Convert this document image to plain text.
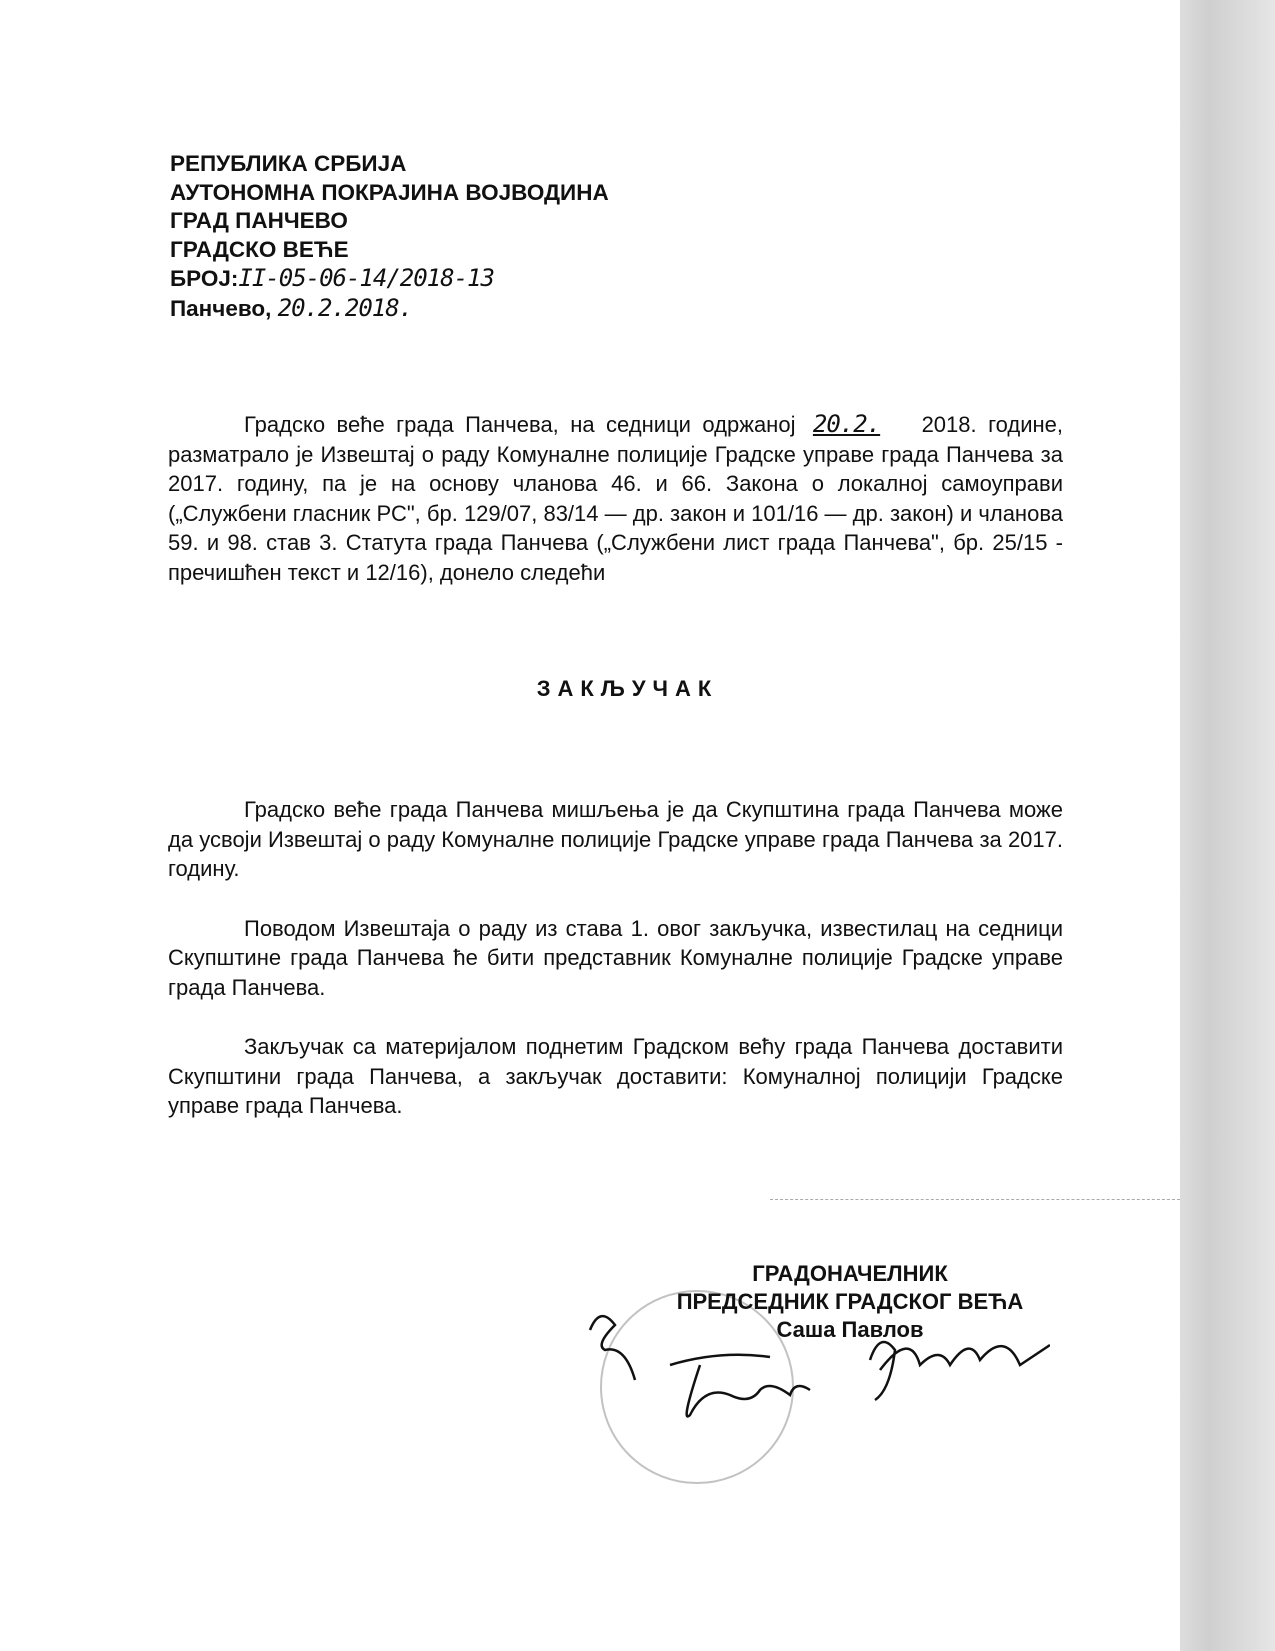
РЕПУБЛИКА СРБИЈА
АУТОНОМНА ПОКРАЈИНА ВОЈВОДИНА
ГРАД ПАНЧЕВО
ГРАДСКО ВЕЋЕ
БРОЈ:II-05-06-14/2018-13
Панчево, 20.2.2018.

Градско веће града Панчева, на седници одржаној 20.2. 2018. године, разматрало је Извештај о раду Комуналне полиције Градске управе града Панчева за 2017. годину, па је на основу чланова 46. и 66. Закона о локалној самоуправи („Службени гласник РС", бр. 129/07, 83/14 — др. закон и 101/16 — др. закон) и чланова 59. и 98. став 3. Статута града Панчева („Службени лист града Панчева", бр. 25/15 - пречишћен текст и 12/16), донело следећи

ЗАКЉУЧАК

Градско веће града Панчева мишљења је да Скупштина града Панчева може да усвоји Извештај о раду Комуналне полиције Градске управе града Панчева за 2017. годину.

Поводом Извештаја о раду из става 1. овог закључка, известилац на седници Скупштине града Панчева ће бити представник Комуналне полиције Градске управе града Панчева.

Закључак са материјалом поднетим Градском већу града Панчева доставити Скупштини града Панчева, а закључак доставити: Комуналној полицији Градске управе града Панчева.

ГРАДОНАЧЕЛНИК
ПРЕДСЕДНИК ГРАДСКОГ ВЕЋА
Саша Павлов
